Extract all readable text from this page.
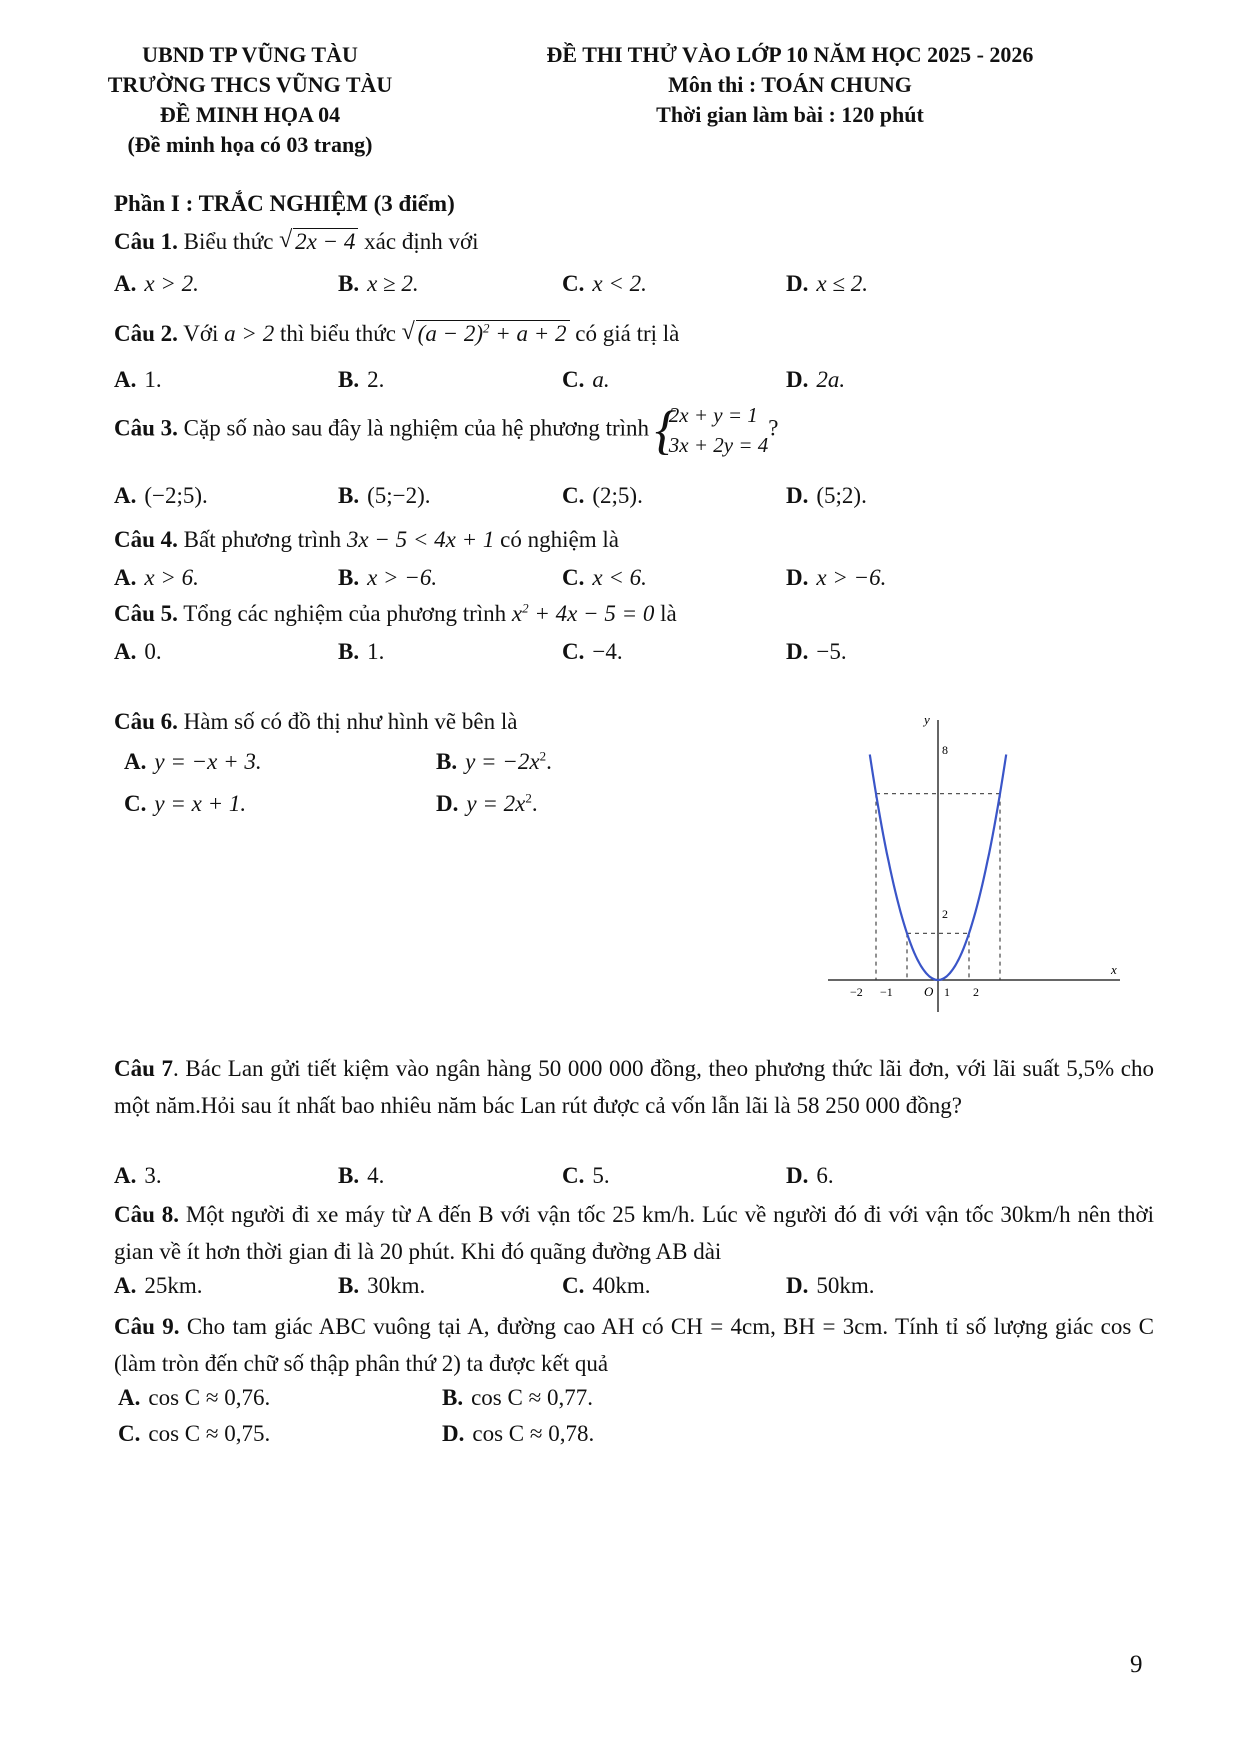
UBND TP VŨNG TÀU
TRƯỜNG THCS VŨNG TÀU
ĐỀ MINH HỌA 04
(Đề minh họa có 03 trang)
ĐỀ THI THỬ VÀO LỚP 10 NĂM HỌC 2025 - 2026
Môn thi : TOÁN CHUNG
Thời gian làm bài : 120 phút
Phần I : TRẮC NGHIỆM (3 điểm)
Câu 1. Biểu thức √ 2x − 4 xác định với
A. x > 2.	B. x ≥ 2.	C. x < 2.	D. x ≤ 2.
Câu 2. Với a > 2 thì biểu thức √ $(a - 2)^2 + a + 2$ có giá trị là
A. 1.	B. 2.	C. a.	D. 2a.
Câu 3. Cặp số nào sau đây là nghiệm của hệ phương trình {
2x + y = 1
3x + 2y = 4
?
A. (−2;5).	B. (5;−2).	C. (2;5).	D. (5;2).
Câu 4. Bất phương trình 3x − 5 < 4x + 1 có nghiệm là
A. x > 6.	B. x > −6.	C. x < 6.	D. x > −6.
Câu 5. Tổng các nghiệm của phương trình $x^2 + 4x - 5 = 0$ là
A. 0.	B. 1.	C. −4.	D. −5.
Câu 6. Hàm số có đồ thị như hình vẽ bên là
A. y = −x + 3.	B. $y = -2x^2$.
C. y = x + 1.	D. $y = 2x^2$.
y
x
O
−2 −1	1 2
8
2
Câu 7. Bác Lan gửi tiết kiệm vào ngân hàng 50 000 000 đồng, theo phương thức lãi đơn, với lãi suất 5,5% cho một năm.Hỏi sau ít nhất bao nhiêu năm bác Lan rút được cả vốn lẫn lãi là 58 250 000 đồng?
A. 3.	B. 4.	C. 5.	D. 6.
Câu 8. Một người đi xe máy từ A đến B với vận tốc 25 km/h. Lúc về người đó đi với vận tốc 30km/h nên thời gian về ít hơn thời gian đi là 20 phút. Khi đó quãng đường AB dài
A. 25km.	B. 30km.	C. 40km.	D. 50km.
Câu 9. Cho tam giác ABC vuông tại A, đường cao AH có CH = 4cm, BH = 3cm. Tính tỉ số lượng giác cos C (làm tròn đến chữ số thập phân thứ 2) ta được kết quả
A. cos C ≈ 0,76.	B. cos C ≈ 0,77.
C. cos C ≈ 0,75.	D. cos C ≈ 0,78.
9
